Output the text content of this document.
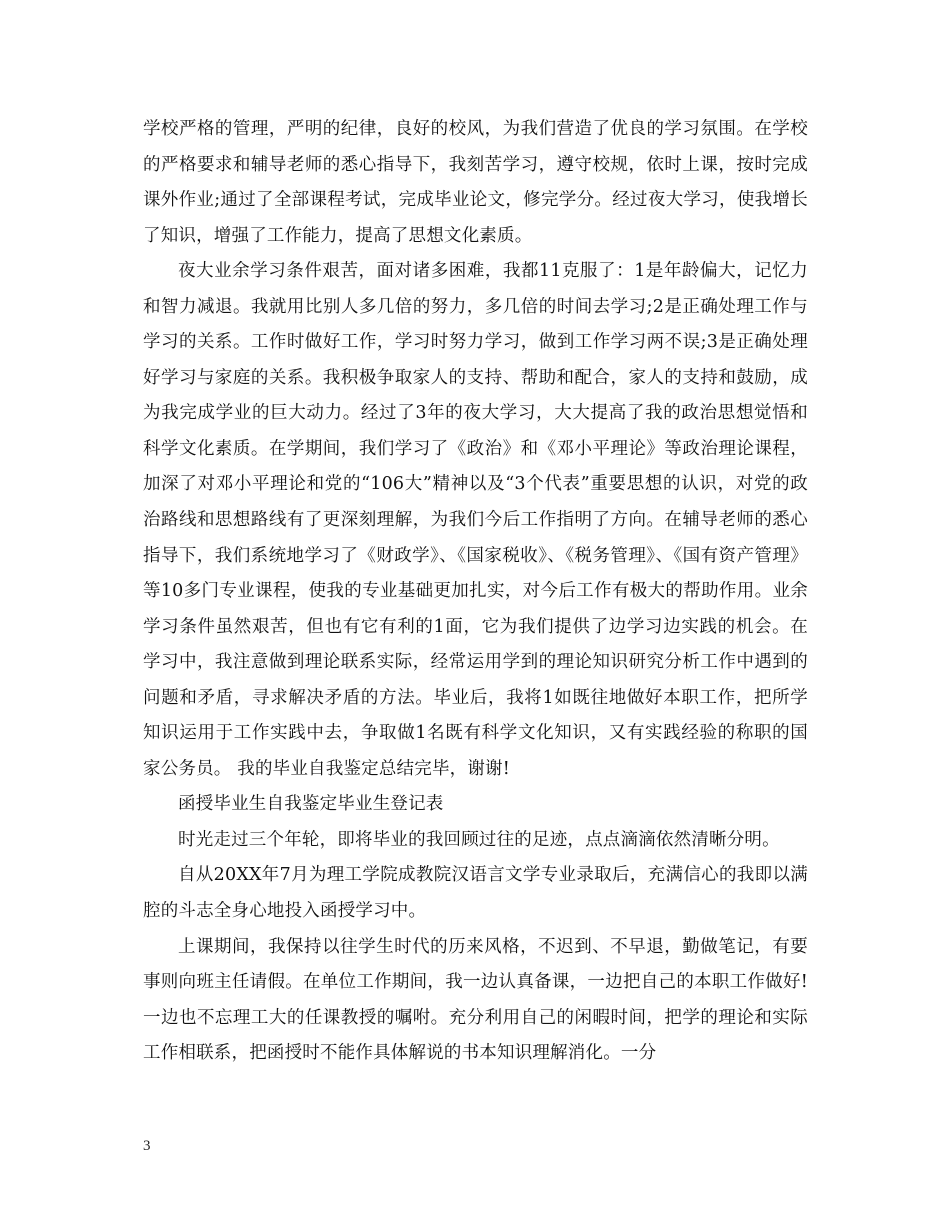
学校严格的管理，严明的纪律，良好的校风，为我们营造了优良的学习氛围。在学校的严格要求和辅导老师的悉心指导下，我刻苦学习，遵守校规，依时上课，按时完成课外作业;通过了全部课程考试，完成毕业论文，修完学分。经过夜大学习，使我增长了知识，增强了工作能力，提高了思想文化素质。

夜大业余学习条件艰苦，面对诸多困难，我都11克服了：1是年龄偏大，记忆力和智力减退。我就用比别人多几倍的努力，多几倍的时间去学习;2是正确处理工作与学习的关系。工作时做好工作，学习时努力学习，做到工作学习两不误;3是正确处理好学习与家庭的关系。我积极争取家人的支持、帮助和配合，家人的支持和鼓励，成为我完成学业的巨大动力。经过了3年的夜大学习，大大提高了我的政治思想觉悟和科学文化素质。在学期间，我们学习了《政治》和《邓小平理论》等政治理论课程，加深了对邓小平理论和党的“106大”精神以及“3个代表”重要思想的认识，对党的政治路线和思想路线有了更深刻理解，为我们今后工作指明了方向。在辅导老师的悉心指导下，我们系统地学习了《财政学》、《国家税收》、《税务管理》、《国有资产管理》等10多门专业课程，使我的专业基础更加扎实，对今后工作有极大的帮助作用。业余学习条件虽然艰苦，但也有它有利的1面，它为我们提供了边学习边实践的机会。在学习中，我注意做到理论联系实际，经常运用学到的理论知识研究分析工作中遇到的问题和矛盾，寻求解决矛盾的方法。毕业后，我将1如既往地做好本职工作，把所学知识运用于工作实践中去，争取做1名既有科学文化知识，又有实践经验的称职的国家公务员。 我的毕业自我鉴定总结完毕，谢谢!

函授毕业生自我鉴定毕业生登记表

时光走过三个年轮，即将毕业的我回顾过往的足迹，点点滴滴依然清晰分明。

自从20XX年7月为理工学院成教院汉语言文学专业录取后，充满信心的我即以满腔的斗志全身心地投入函授学习中。

上课期间，我保持以往学生时代的历来风格，不迟到、不早退，勤做笔记，有要事则向班主任请假。在单位工作期间，我一边认真备课，一边把自己的本职工作做好!一边也不忘理工大的任课教授的嘱咐。充分利用自己的闲暇时间，把学的理论和实际工作相联系，把函授时不能作具体解说的书本知识理解消化。一分

3
